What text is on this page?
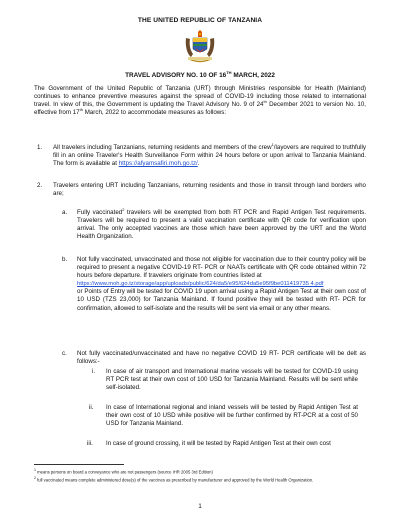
THE UNITED REPUBLIC OF TANZANIA
TRAVEL ADVISORY NO. 10 OF 16TH MARCH, 2022
The Government of the United Republic of Tanzania (URT) through Ministries responsible for Health (Mainland) continues to enhance preventive measures against the spread of COVID-19 including those related to international travel. In view of this, the Government is updating the Travel Advisory No. 9 of 24th December 2021 to version No. 10, effective from 17th March, 2022 to accommodate measures as follows:
1. All travelers including Tanzanians, returning residents and members of the crew$^1$/layovers are required to truthfully fill in an online Traveler's Health Surveillance Form within 24 hours before or upon arrival to Tanzania Mainland. The form is available at https://afyamsafiri.moh.go.tz/.
2. Travelers entering URT including Tanzanians, returning residents and those in transit through land borders who are;
a. Fully vaccinated$^2$ travelers will be exempted from both RT PCR and Rapid Antigen Test requirements. Travelers will be required to present a valid vaccination certificate with QR code for verification upon arrival. The only accepted vaccines are those which have been approved by the URT and the World Health Organization.
b. Not fully vaccinated, unvaccinated and those not eligible for vaccination due to their country policy will be required to present a negative COVID-19 RT- PCR or NAATs certificate with QR code obtained within 72 hours before departure. If travelers originate from countries listed at
https://www.moh.go.tz/storage/app/uploads/public/624/da5/e95/624da5e95f9be011419735 4.pdf
or Points of Entry will be tested for COVID 19 upon arrival using a Rapid Antigen Test at their own cost of 10 USD (TZS 23,000) for Tanzania Mainland. If found positive they will be tested with RT- PCR for confirmation, allowed to self-isolate and the results will be sent via email or any other means.
c. Not fully vaccinated/unvaccinated and have no negative COVID 19 RT- PCR certificate will be delt as follows:-
i. In case of air transport and International marine vessels will be tested for COVID-19 using RT PCR test at their own cost of 100 USD for Tanzania Mainland. Results will be sent while self-isolated.
ii. In case of International regional and inland vessels will be tested by Rapid Antigen Test at their own cost of 10 USD while positive will be further confirmed by RT-PCR at a cost of 50 USD for Tanzania Mainland.
iii. In case of ground crossing, it will be tested by Rapid Antigen Test at their own cost
$^1$ means persons on board a conveyance who are not passengers (source IHR 2005 3rd Edition)
$^2$ full vaccinated means complete administered dose(s) of the vaccines as prescribed by manufacturer and approved by the World Health Organization.
1
